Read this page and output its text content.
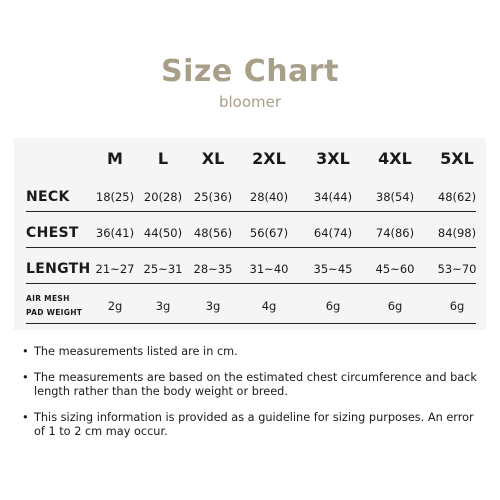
Size Chart
bloomer
M	L	XL	2XL	3XL	4XL	5XL
NECK 18(25) 20(28)	25(36)	28(40)	34(44)	38(54)	48(62)
CHEST 36(41) 44(50)	48(56)	56(67)	64(74)	74(86)	84(98)
LENGTH 21~27 25~31 28~35	31~40	35~45	45~60	53~70
AIR MESH
PAD WEIGHT	2g	3g	3g	4g	6g	6g	6g
• The measurements listed are in cm.
• The measurements are based on the estimated chest circumference and back length rather than the body weight or breed.
• This sizing information is provided as a guideline for sizing purposes. An error of 1 to 2 cm may occur.
